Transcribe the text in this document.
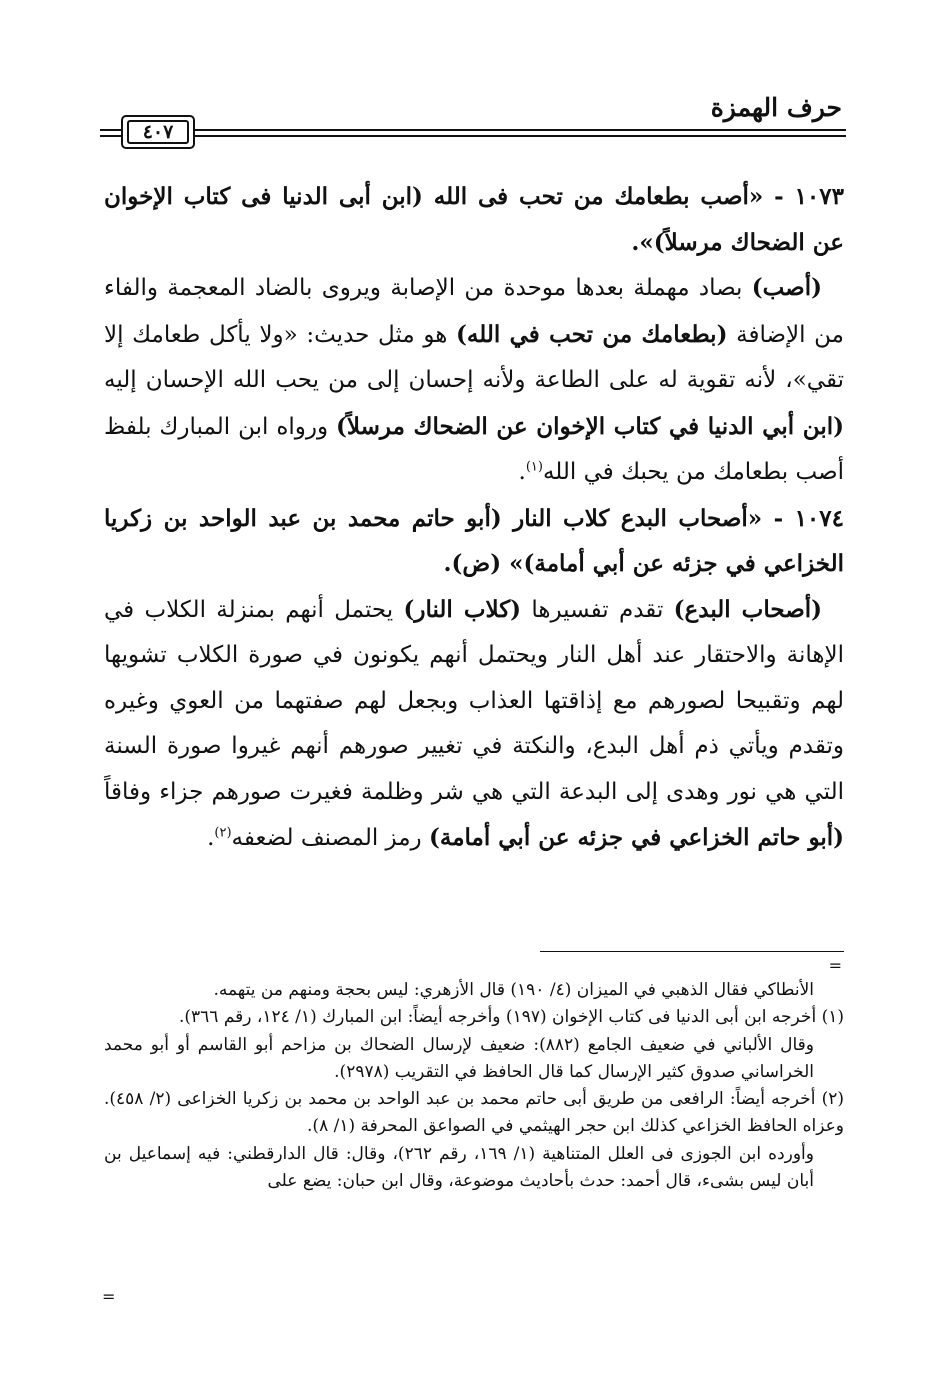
حرف الهمزة
٤٠٧

١٠٧٣ - «أصب بطعامك من تحب فى الله (ابن أبى الدنيا فى كتاب الإخوان عن الضحاك مرسلاً)».

(أصب) بصاد مهملة بعدها موحدة من الإصابة ويروى بالضاد المعجمة والفاء من الإضافة (بطعامك من تحب في الله) هو مثل حديث: «ولا يأكل طعامك إلا تقي»، لأنه تقوية له على الطاعة ولأنه إحسان إلى من يحب الله الإحسان إليه (ابن أبي الدنيا في كتاب الإخوان عن الضحاك مرسلاً) ورواه ابن المبارك بلفظ أصب بطعامك من يحبك في الله$^{(١)}$.

١٠٧٤ - «أصحاب البدع كلاب النار (أبو حاتم محمد بن عبد الواحد بن زكريا الخزاعي في جزئه عن أبي أمامة)» (ض).

(أصحاب البدع) تقدم تفسيرها (كلاب النار) يحتمل أنهم بمنزلة الكلاب في الإهانة والاحتقار عند أهل النار ويحتمل أنهم يكونون في صورة الكلاب تشويها لهم وتقبيحا لصورهم مع إذاقتها العذاب وبجعل لهم صفتهما من العوي وغيره وتقدم ويأتي ذم أهل البدع، والنكتة في تغيير صورهم أنهم غيروا صورة السنة التي هي نور وهدى إلى البدعة التي هي شر وظلمة فغيرت صورهم جزاء وفاقاً (أبو حاتم الخزاعي في جزئه عن أبي أمامة) رمز المصنف لضعفه$^{(٢)}$.

=

الأنطاكي فقال الذهبي في الميزان (٤/ ١٩٠) قال الأزهري: ليس بحجة ومنهم من يتهمه.

(١) أخرجه ابن أبى الدنيا فى كتاب الإخوان (١٩٧) وأخرجه أيضاً: ابن المبارك (١/ ١٢٤، رقم ٣٦٦).

وقال الألباني في ضعيف الجامع (٨٨٢): ضعيف لإرسال الضحاك بن مزاحم أبو القاسم أو أبو محمد الخراساني صدوق كثير الإرسال كما قال الحافظ في التقريب (٢٩٧٨).

(٢) أخرجه أيضاً: الرافعى من طريق أبى حاتم محمد بن عبد الواحد بن محمد بن زكريا الخزاعى (٢/ ٤٥٨). وعزاه الحافظ الخزاعي كذلك ابن حجر الهيثمي في الصواعق المحرفة (١/ ٨).

وأورده ابن الجوزى فى العلل المتناهية (١/ ١٦٩، رقم ٢٦٢)، وقال: قال الدارقطني: فيه إسماعيل بن أبان ليس بشىء، قال أحمد: حدث بأحاديث موضوعة، وقال ابن حبان: يضع على

=
